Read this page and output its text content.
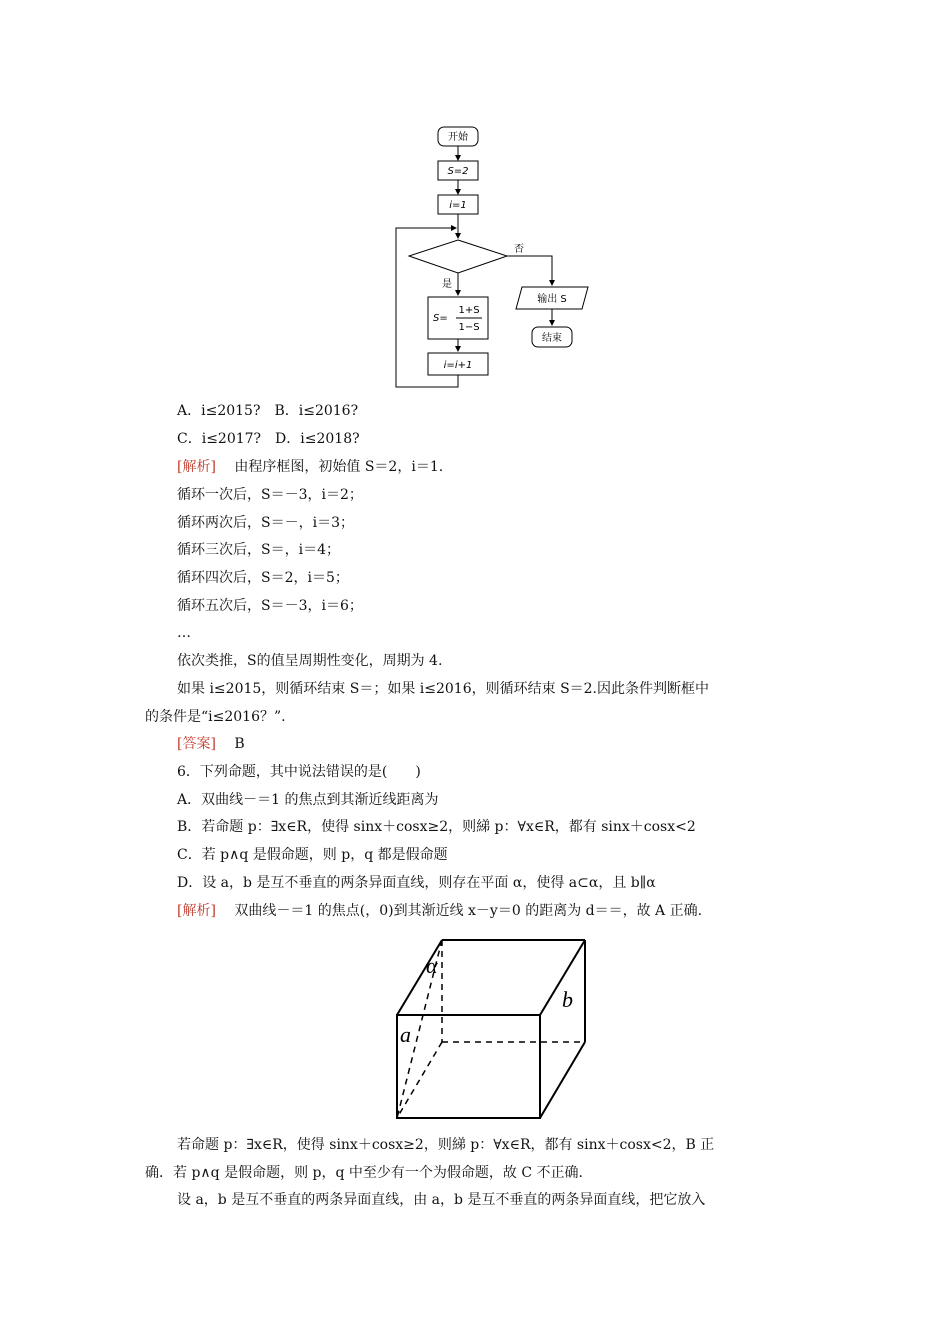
开始
S=2
i=1
是
否
S=
1+S
1−S
i=i+1
输出 S
结束
A．i≤2015?　B．i≤2016?
C．i≤2017?　D．i≤2018?
[解析] 由程序框图，初始值 S＝2，i＝1.
循环一次后，S＝－3，i＝2；
循环两次后，S＝－，i＝3；
循环三次后，S＝，i＝4；
循环四次后，S＝2，i＝5；
循环五次后，S＝－3，i＝6；
…
依次类推，S的值呈周期性变化，周期为 4.
如果 i≤2015，则循环结束 S＝；如果 i≤2016，则循环结束 S＝2.因此条件判断框中
的条件是“i≤2016？”.
[答案] B
6．下列命题，其中说法错误的是(　　)
A．双曲线－＝1 的焦点到其渐近线距离为
B．若命题 p：∃x∈R，使得 sinx＋cosx≥2，则綈 p：∀x∈R，都有 sinx＋cosx<2
C．若 p∧q 是假命题，则 p，q 都是假命题
D．设 a，b 是互不垂直的两条异面直线，则存在平面 α，使得 a⊂α，且 b∥α
[解析] 双曲线－＝1 的焦点(，0)到其渐近线 x－y＝0 的距离为 d＝＝，故 A 正确.
α
a
b
若命题 p：∃x∈R，使得 sinx＋cosx≥2，则綈 p：∀x∈R，都有 sinx＋cosx<2，B 正
确．若 p∧q 是假命题，则 p，q 中至少有一个为假命题，故 C 不正确.
设 a，b 是互不垂直的两条异面直线，由 a，b 是互不垂直的两条异面直线，把它放入
